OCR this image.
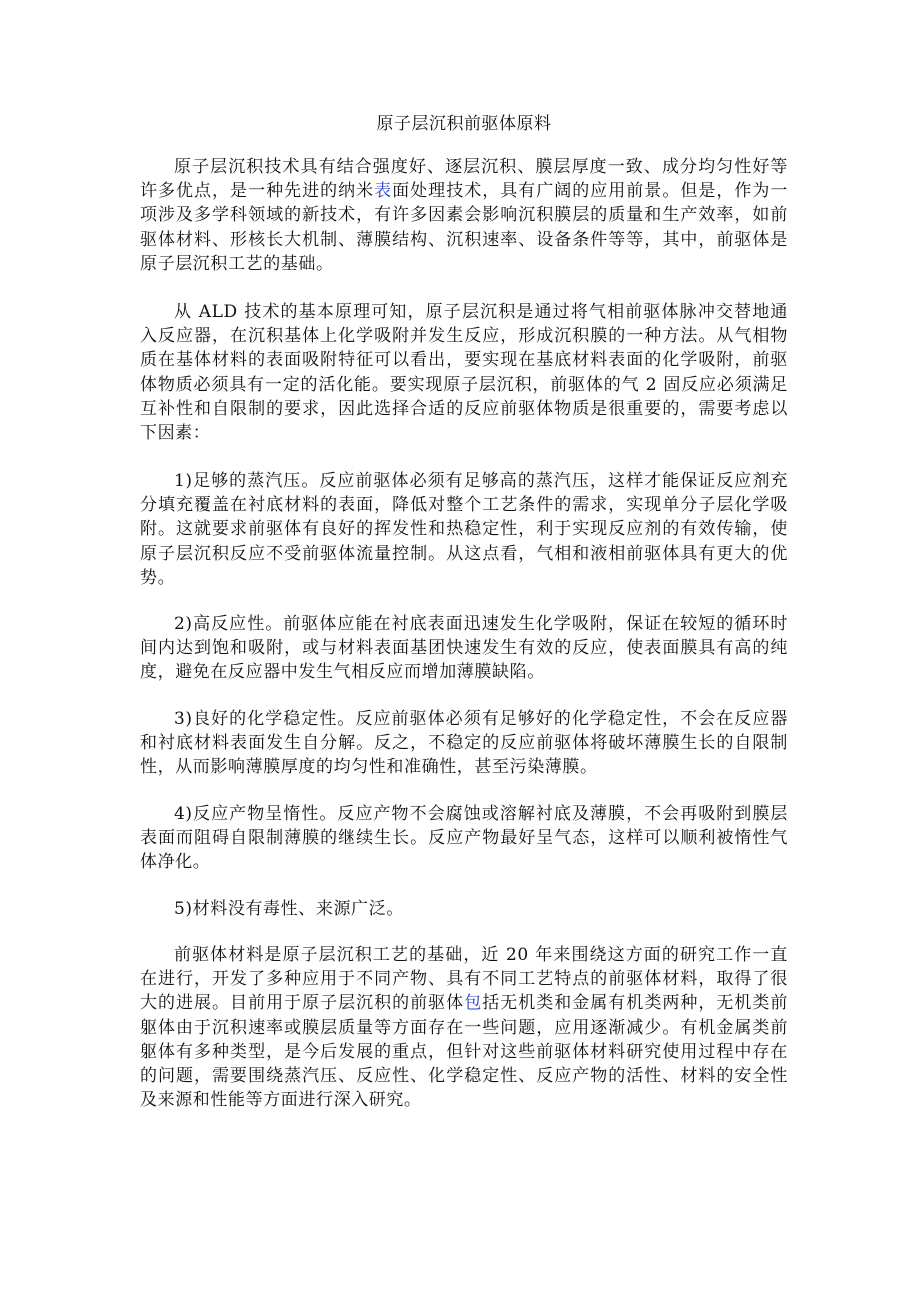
原子层沉积前驱体原料

原子层沉积技术具有结合强度好、逐层沉积、膜层厚度一致、成分均匀性好等许多优点，是一种先进的纳米表面处理技术，具有广阔的应用前景。但是，作为一项涉及多学科领域的新技术，有许多因素会影响沉积膜层的质量和生产效率，如前驱体材料、形核长大机制、薄膜结构、沉积速率、设备条件等等，其中，前驱体是原子层沉积工艺的基础。

从 ALD 技术的基本原理可知，原子层沉积是通过将气相前驱体脉冲交替地通入反应器，在沉积基体上化学吸附并发生反应，形成沉积膜的一种方法。从气相物质在基体材料的表面吸附特征可以看出，要实现在基底材料表面的化学吸附，前驱体物质必须具有一定的活化能。要实现原子层沉积，前驱体的气 2 固反应必须满足互补性和自限制的要求，因此选择合适的反应前驱体物质是很重要的，需要考虑以下因素：

1)足够的蒸汽压。反应前驱体必须有足够高的蒸汽压，这样才能保证反应剂充分填充覆盖在衬底材料的表面，降低对整个工艺条件的需求，实现单分子层化学吸附。这就要求前驱体有良好的挥发性和热稳定性，利于实现反应剂的有效传输，使原子层沉积反应不受前驱体流量控制。从这点看，气相和液相前驱体具有更大的优势。

2)高反应性。前驱体应能在衬底表面迅速发生化学吸附，保证在较短的循环时间内达到饱和吸附，或与材料表面基团快速发生有效的反应，使表面膜具有高的纯度，避免在反应器中发生气相反应而增加薄膜缺陷。

3)良好的化学稳定性。反应前驱体必须有足够好的化学稳定性，不会在反应器和衬底材料表面发生自分解。反之，不稳定的反应前驱体将破坏薄膜生长的自限制性，从而影响薄膜厚度的均匀性和准确性，甚至污染薄膜。

4)反应产物呈惰性。反应产物不会腐蚀或溶解衬底及薄膜，不会再吸附到膜层表面而阻碍自限制薄膜的继续生长。反应产物最好呈气态，这样可以顺利被惰性气体净化。

5)材料没有毒性、来源广泛。

前驱体材料是原子层沉积工艺的基础，近 20 年来围绕这方面的研究工作一直在进行，开发了多种应用于不同产物、具有不同工艺特点的前驱体材料，取得了很大的进展。目前用于原子层沉积的前驱体包括无机类和金属有机类两种，无机类前躯体由于沉积速率或膜层质量等方面存在一些问题，应用逐渐减少。有机金属类前躯体有多种类型，是今后发展的重点，但针对这些前驱体材料研究使用过程中存在的问题，需要围绕蒸汽压、反应性、化学稳定性、反应产物的活性、材料的安全性及来源和性能等方面进行深入研究。
